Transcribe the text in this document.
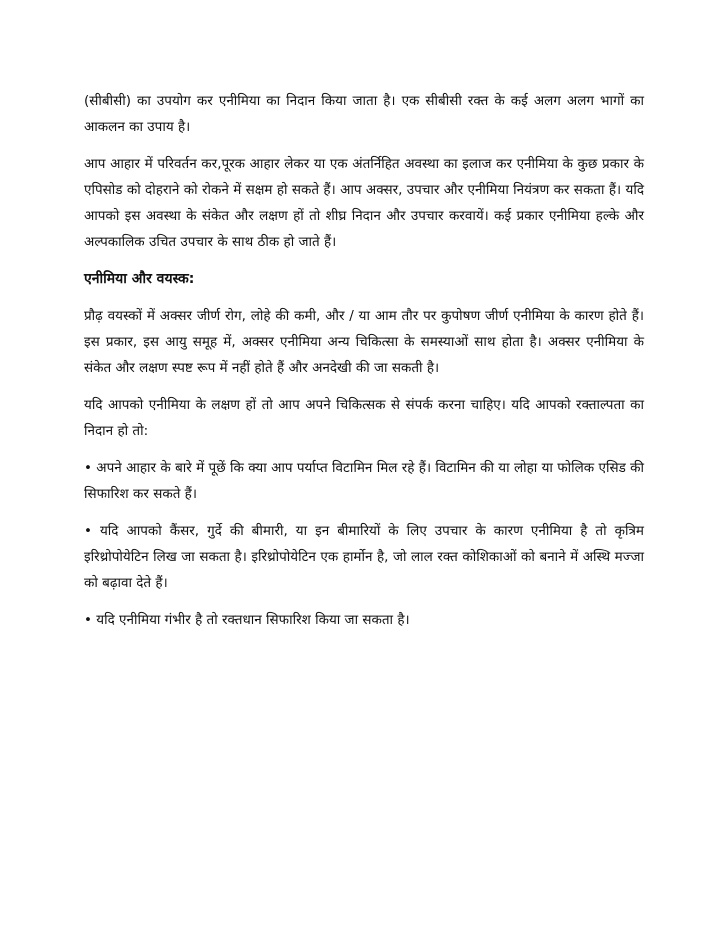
(सीबीसी) का उपयोग कर एनीमिया का निदान किया जाता है। एक सीबीसी रक्त के कई अलग अलग भागों का आकलन का उपाय है।

आप आहार में परिवर्तन कर,पूरक आहार लेकर या एक अंतर्निहित अवस्था का इलाज कर एनीमिया के कुछ प्रकार के एपिसोड को दोहराने को रोकने में सक्षम हो सकते हैं। आप अक्सर, उपचार और एनीमिया नियंत्रण कर सकता हैं। यदि आपको इस अवस्था के संकेत और लक्षण हों तो शीघ्र निदान और उपचार करवायें। कई प्रकार एनीमिया हल्के और अल्पकालिक उचित उपचार के साथ ठीक हो जाते हैं।

एनीमिया और वयस्क:

प्रौढ़ वयस्कों में अक्सर जीर्ण रोग, लोहे की कमी, और / या आम तौर पर कुपोषण जीर्ण एनीमिया के कारण होते हैं। इस प्रकार, इस आयु समूह में, अक्सर एनीमिया अन्य चिकित्सा के समस्याओं साथ होता है। अक्सर एनीमिया के संकेत और लक्षण स्पष्ट रूप में नहीं होते हैं और अनदेखी की जा सकती है।

यदि आपको एनीमिया के लक्षण हों तो आप अपने चिकित्सक से संपर्क करना चाहिए। यदि आपको रक्ताल्पता का निदान हो तो:

• अपने आहार के बारे में पूछें कि क्या आप पर्याप्त विटामिन मिल रहे हैं। विटामिन की या लोहा या फोलिक एसिड की सिफारिश कर सकते हैं।

• यदि आपको कैंसर, गुर्दे की बीमारी, या इन बीमारियों के लिए उपचार के कारण एनीमिया है तो कृत्रिम इरिथ्रोपोयेटिन लिख जा सकता है। इरिथ्रोपोयेटिन एक हार्मोन है, जो लाल रक्त कोशिकाओं को बनाने में अस्थि मज्जा को बढ़ावा देते हैं।

• यदि एनीमिया गंभीर है तो रक्तधान सिफारिश किया जा सकता है।
